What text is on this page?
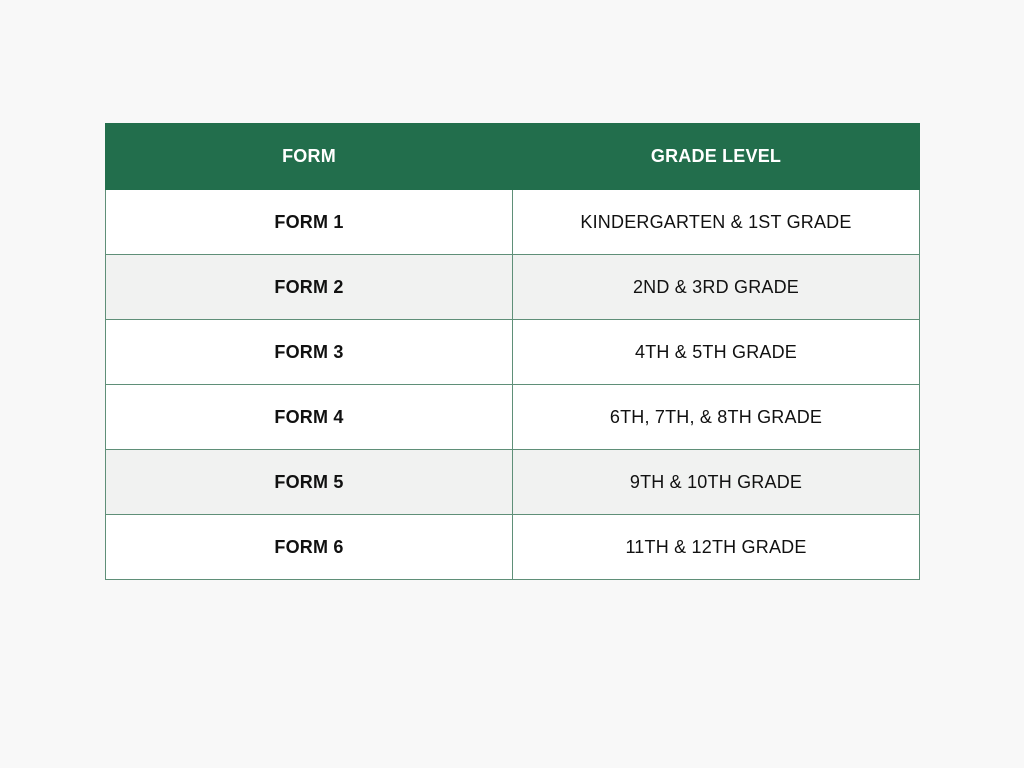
FORM	GRADE LEVEL
FORM 1	KINDERGARTEN & 1ST GRADE
FORM 2	2ND & 3RD GRADE
FORM 3	4TH & 5TH GRADE
FORM 4	6TH, 7TH, & 8TH GRADE
FORM 5	9TH & 10TH GRADE
FORM 6	11TH & 12TH GRADE
